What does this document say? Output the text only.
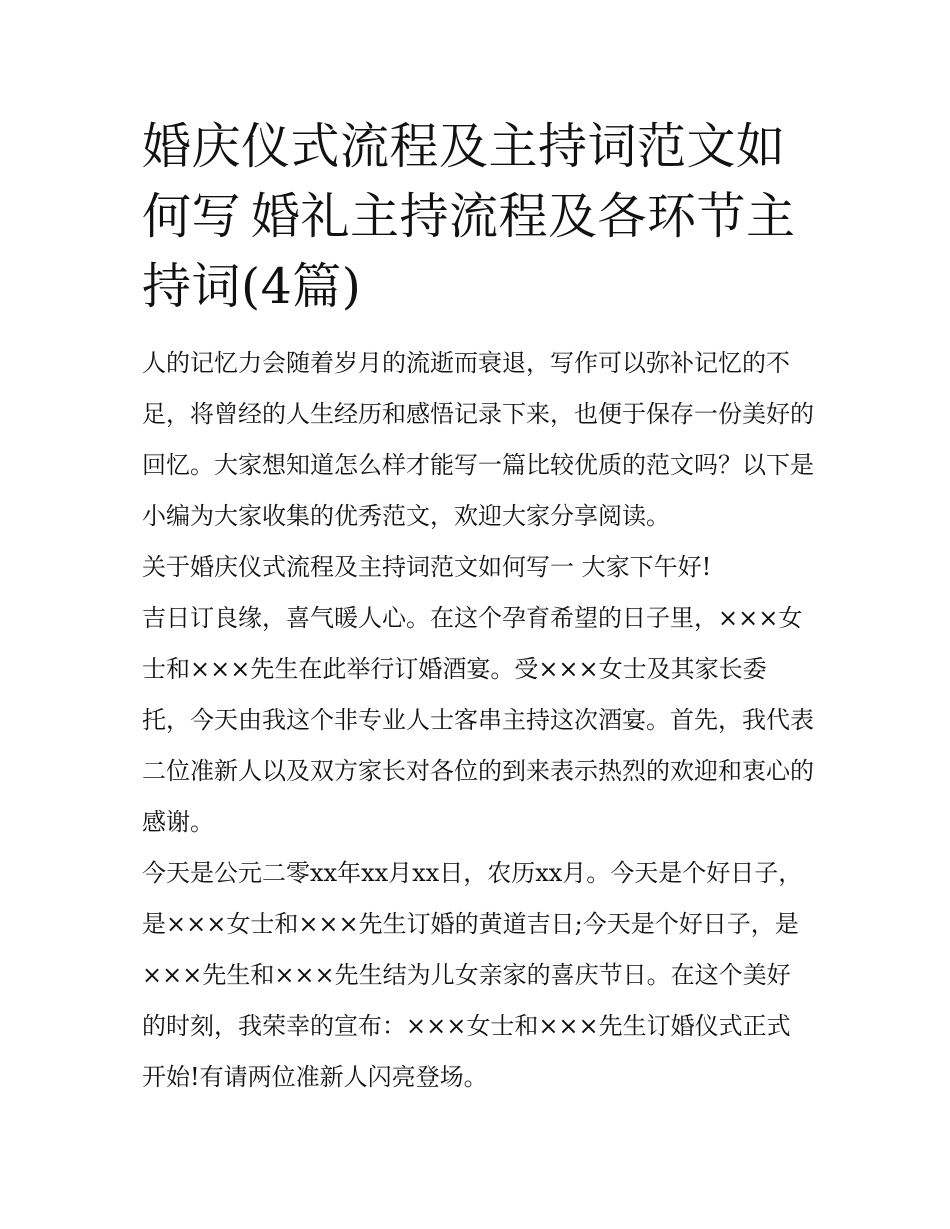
婚庆仪式流程及主持词范文如何写 婚礼主持流程及各环节主持词(4篇)

人的记忆力会随着岁月的流逝而衰退，写作可以弥补记忆的不足，将曾经的人生经历和感悟记录下来，也便于保存一份美好的回忆。大家想知道怎么样才能写一篇比较优质的范文吗？以下是小编为大家收集的优秀范文，欢迎大家分享阅读。

关于婚庆仪式流程及主持词范文如何写一 大家下午好!

吉日订良缘，喜气暖人心。在这个孕育希望的日子里，×××女士和×××先生在此举行订婚酒宴。受×××女士及其家长委托，今天由我这个非专业人士客串主持这次酒宴。首先，我代表二位准新人以及双方家长对各位的到来表示热烈的欢迎和衷心的感谢。

今天是公元二零xx年xx月xx日，农历xx月。今天是个好日子，是×××女士和×××先生订婚的黄道吉日;今天是个好日子，是×××先生和×××先生结为儿女亲家的喜庆节日。在这个美好的时刻，我荣幸的宣布：×××女士和×××先生订婚仪式正式开始!有请两位准新人闪亮登场。
